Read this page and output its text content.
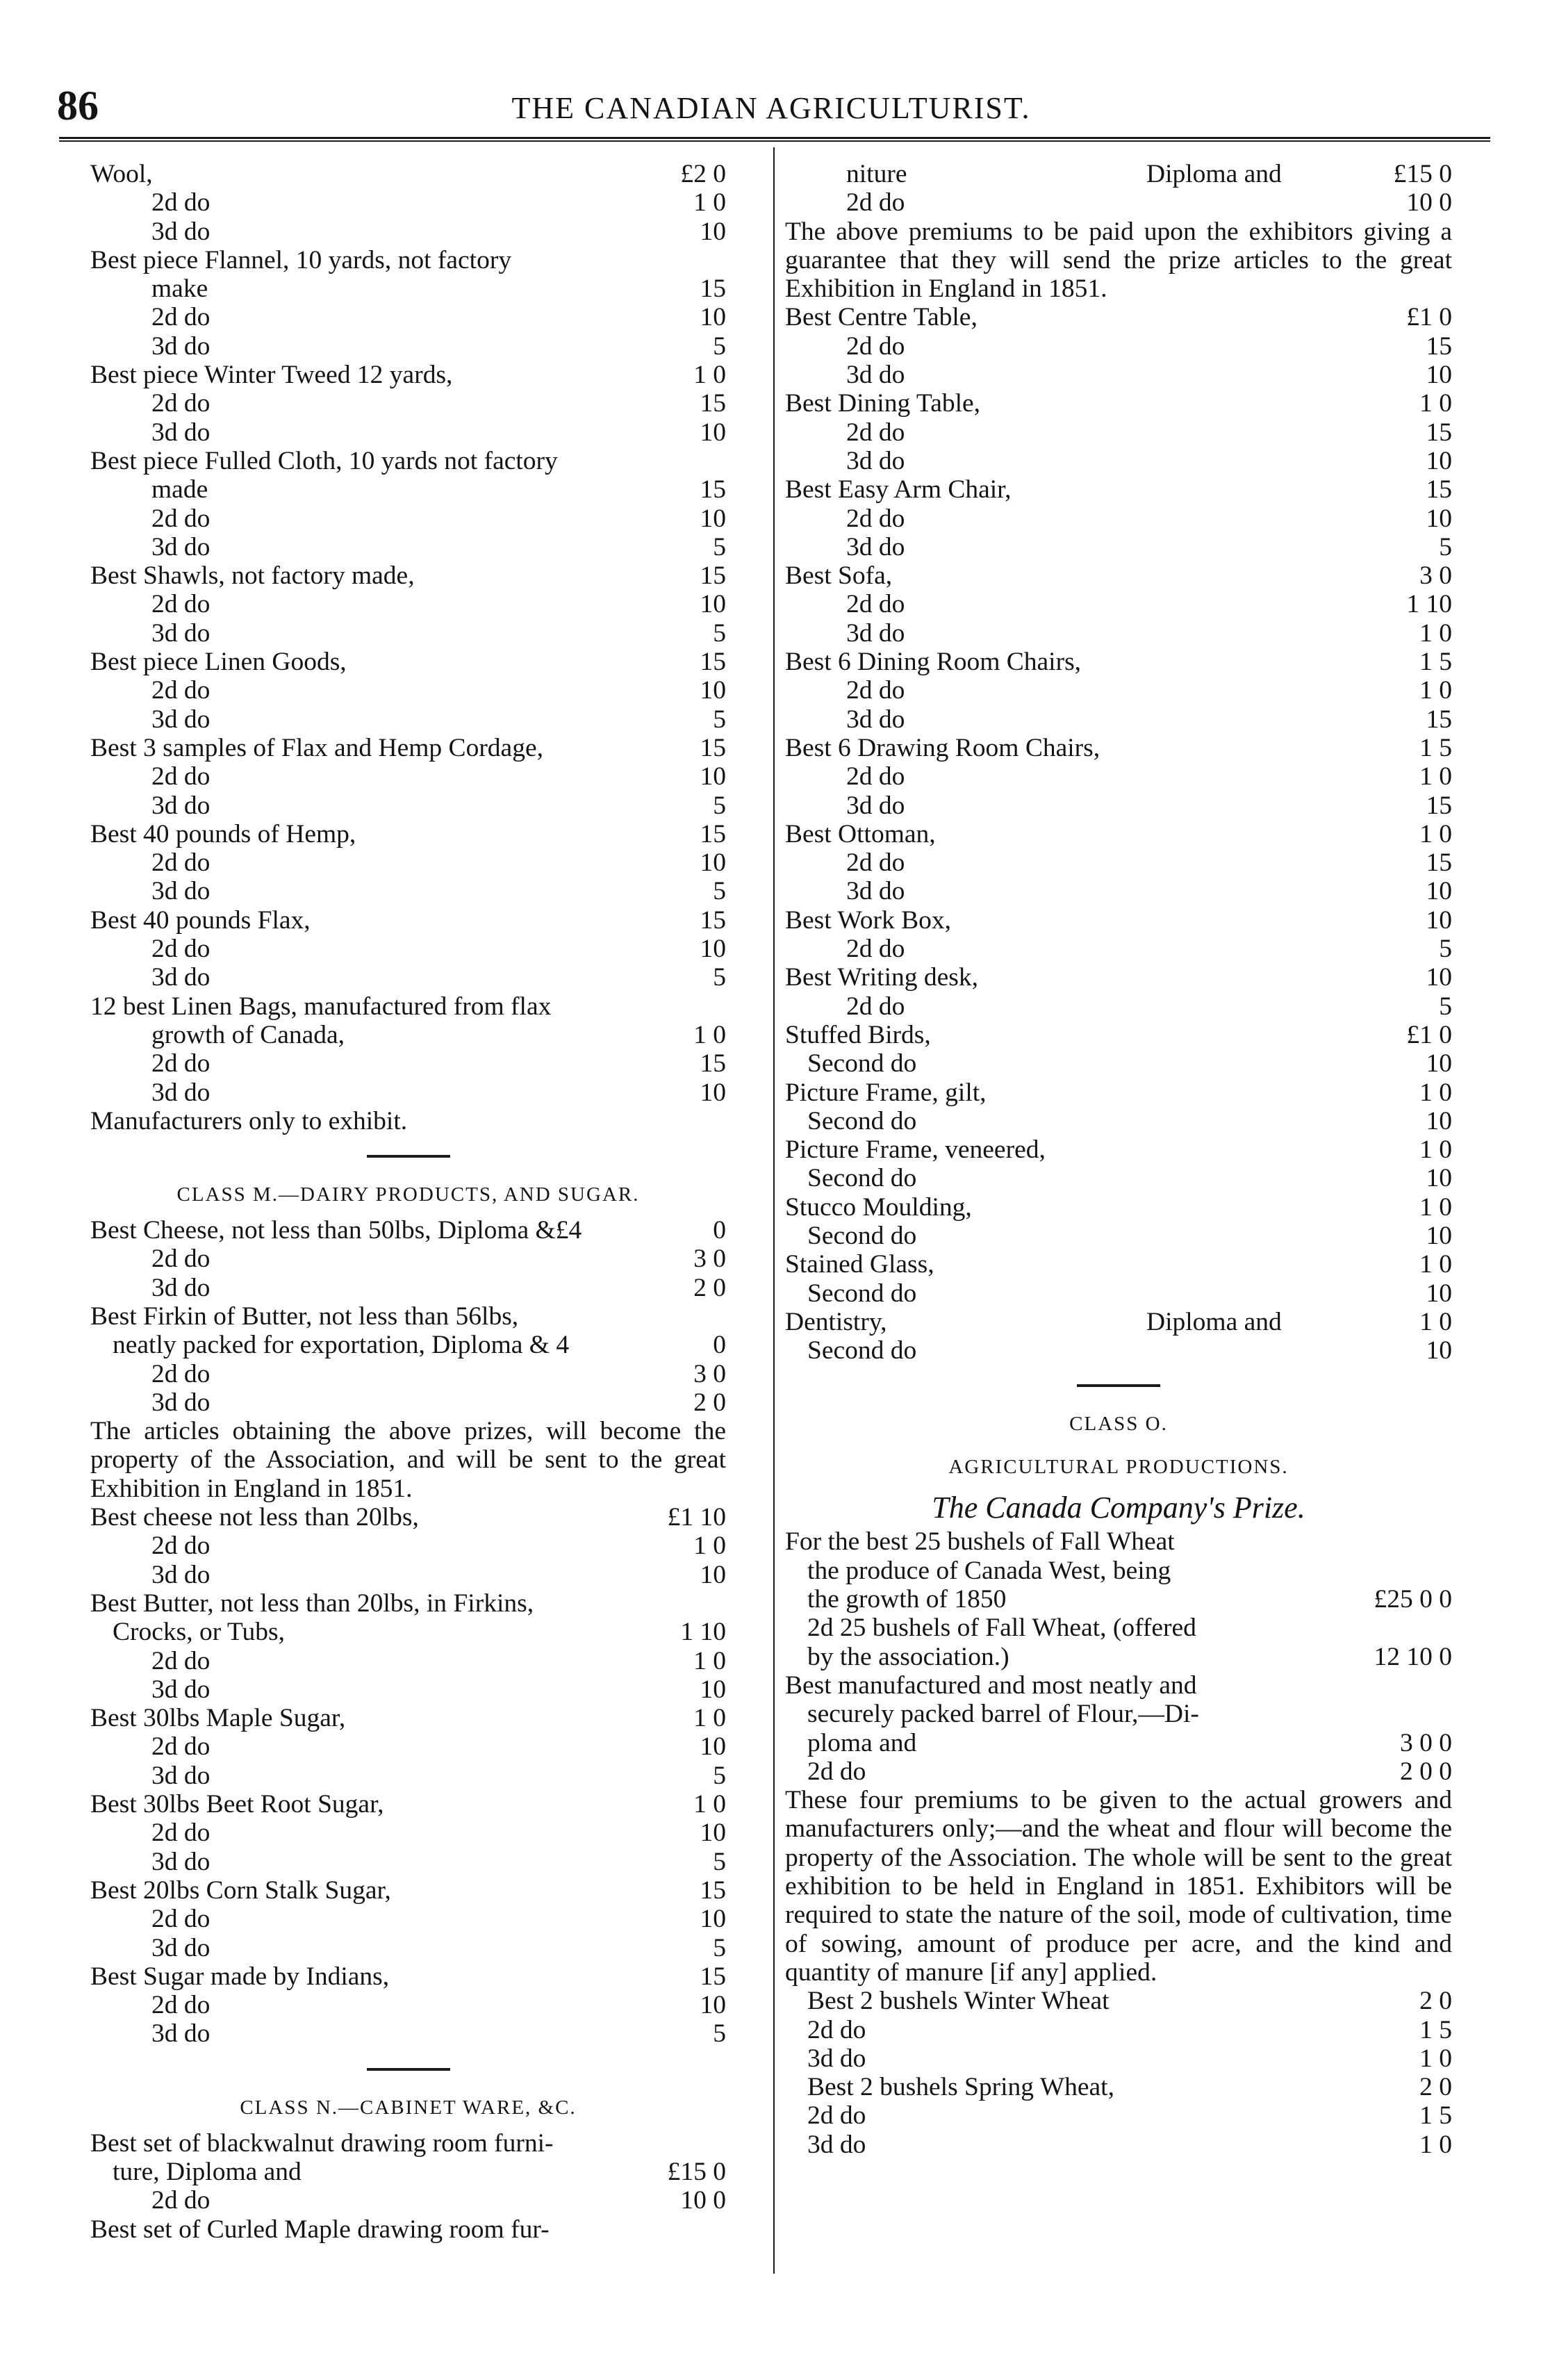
86	THE CANADIAN AGRICULTURIST.
Wool,	£2 0
2d do	1 0
3d do	10
Best piece Flannel, 10 yards, not factory
make	15
2d do	10
3d do	5
Best piece Winter Tweed 12 yards,	1 0
2d do	15
3d do	10
Best piece Fulled Cloth, 10 yards not factory
made	15
2d do	10
3d do	5
Best Shawls, not factory made,	15
2d do	10
3d do	5
Best piece Linen Goods,	15
2d do	10
3d do	5
Best 3 samples of Flax and Hemp Cordage,	15
2d do	10
3d do	5
Best 40 pounds of Hemp,	15
2d do	10
3d do	5
Best 40 pounds Flax,	15
2d do	10
3d do	5
12 best Linen Bags, manufactured from flax
growth of Canada,	1 0
2d do	15
3d do	10
Manufacturers only to exhibit.
CLASS M.—DAIRY PRODUCTS, AND SUGAR.
Best Cheese, not less than 50lbs, Diploma &£4	0
2d do	3 0
3d do	2 0
Best Firkin of Butter, not less than 56lbs,
neatly packed for exportation, Diploma & 4	0
2d do	3 0
3d do	2 0
The articles obtaining the above prizes, will become the property of the Association, and will be sent to the great Exhibition in England in 1851.
Best cheese not less than 20lbs,	£1 10
2d do	1 0
3d do	10
Best Butter, not less than 20lbs, in Firkins,
Crocks, or Tubs,	1 10
2d do	1 0
3d do	10
Best 30lbs Maple Sugar,	1 0
2d do	10
3d do	5
Best 30lbs Beet Root Sugar,	1 0
2d do	10
3d do	5
Best 20lbs Corn Stalk Sugar,	15
2d do	10
3d do	5
Best Sugar made by Indians,	15
2d do	10
3d do	5
CLASS N.—CABINET WARE, &C.
Best set of blackwalnut drawing room furni-
ture, Diploma and	£15 0
2d do	10 0
Best set of Curled Maple drawing room fur-
niture	Diploma and	£15 0
2d do	10 0
The above premiums to be paid upon the exhibitors giving a guarantee that they will send the prize articles to the great Exhibition in England in 1851.
Best Centre Table,	£1 0
2d do	15
3d do	10
Best Dining Table,	1 0
2d do	15
3d do	10
Best Easy Arm Chair,	15
2d do	10
3d do	5
Best Sofa,	3 0
2d do	1 10
3d do	1 0
Best 6 Dining Room Chairs,	1 5
2d do	1 0
3d do	15
Best 6 Drawing Room Chairs,	1 5
2d do	1 0
3d do	15
Best Ottoman,	1 0
2d do	15
3d do	10
Best Work Box,	10
2d do	5
Best Writing desk,	10
2d do	5
Stuffed Birds,	£1 0
Second do	10
Picture Frame, gilt,	1 0
Second do	10
Picture Frame, veneered,	1 0
Second do	10
Stucco Moulding,	1 0
Second do	10
Stained Glass,	1 0
Second do	10
Dentistry,	Diploma and	1 0
Second do	10
CLASS O.
AGRICULTURAL PRODUCTIONS.
The Canada Company's Prize.
For the best 25 bushels of Fall Wheat
the produce of Canada West, being
the growth of 1850	£25 0 0
2d 25 bushels of Fall Wheat, (offered
by the association.)	12 10 0
Best manufactured and most neatly and
securely packed barrel of Flour,—Di-
ploma and	3 0 0
2d do	2 0 0
These four premiums to be given to the actual growers and manufacturers only;—and the wheat and flour will become the property of the Association. The whole will be sent to the great exhibition to be held in England in 1851. Exhibitors will be required to state the nature of the soil, mode of cultivation, time of sowing, amount of produce per acre, and the kind and quantity of manure [if any] applied.
Best 2 bushels Winter Wheat	2 0
2d do	1 5
3d do	1 0
Best 2 bushels Spring Wheat,	2 0
2d do	1 5
3d do	1 0
